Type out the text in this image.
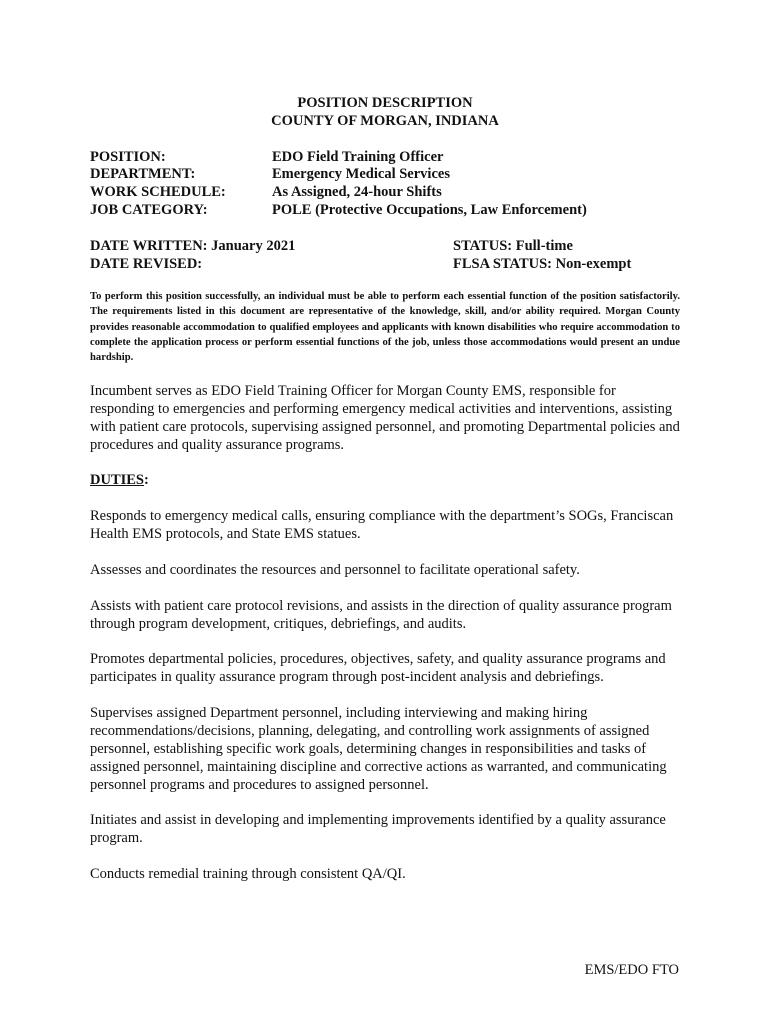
POSITION DESCRIPTION
COUNTY OF MORGAN, INDIANA
POSITION:	EDO Field Training Officer
DEPARTMENT:	Emergency Medical Services
WORK SCHEDULE:	As Assigned, 24-hour Shifts
JOB CATEGORY:	POLE (Protective Occupations, Law Enforcement)
DATE WRITTEN: January 2021
DATE REVISED:
STATUS: Full-time
FLSA STATUS: Non-exempt
To perform this position successfully, an individual must be able to perform each essential function of the position satisfactorily. The requirements listed in this document are representative of the knowledge, skill, and/or ability required. Morgan County provides reasonable accommodation to qualified employees and applicants with known disabilities who require accommodation to complete the application process or perform essential functions of the job, unless those accommodations would present an undue hardship.
Incumbent serves as EDO Field Training Officer for Morgan County EMS, responsible for responding to emergencies and performing emergency medical activities and interventions, assisting with patient care protocols, supervising assigned personnel, and promoting Departmental policies and procedures and quality assurance programs.
DUTIES:
Responds to emergency medical calls, ensuring compliance with the department’s SOGs, Franciscan Health EMS protocols, and State EMS statues.
Assesses and coordinates the resources and personnel to facilitate operational safety.
Assists with patient care protocol revisions, and assists in the direction of quality assurance program through program development, critiques, debriefings, and audits.
Promotes departmental policies, procedures, objectives, safety, and quality assurance programs and participates in quality assurance program through post-incident analysis and debriefings.
Supervises assigned Department personnel, including interviewing and making hiring recommendations/decisions, planning, delegating, and controlling work assignments of assigned personnel, establishing specific work goals, determining changes in responsibilities and tasks of assigned personnel, maintaining discipline and corrective actions as warranted, and communicating personnel programs and procedures to assigned personnel.
Initiates and assist in developing and implementing improvements identified by a quality assurance program.
Conducts remedial training through consistent QA/QI.
EMS/EDO FTO
